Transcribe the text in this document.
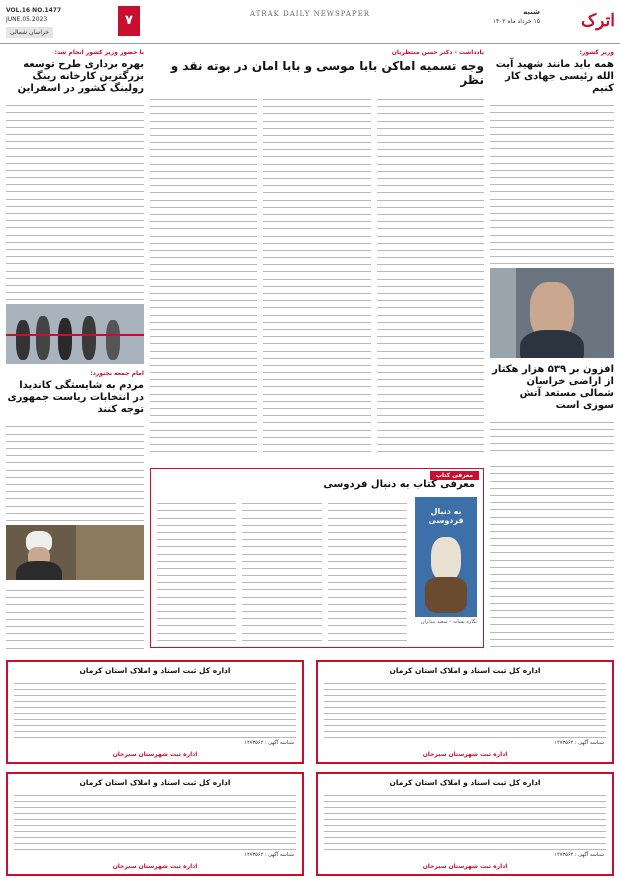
VOL.16 NO.1477
JUNE.05.2023
خراسان شمالی
۷	ATRAK DAILY NEWSPAPER	شنبه
۱۵ خرداد ماه ۱۴۰۲	اترک
وزیر کشور:
همه باید مانند شهید آیت الله رئیسی جهادی کار کنیم
افزون بر ۵۳۹ هزار هکتار از اراضی خراسان شمالی مستعد آتش سوزی است
یادداشت - دکتر حسن منتظریان
وجه تسمیه اماکن بابا موسی و بابا امان در بوته نقد و نظر
معرفی کتاب
معرفی کتاب به دنبال فردوسی
به دنبال فردوسی
نگاره نشانه – سعید بیداران
با حضور وزیر کشور انجام شد:
بهره برداری طرح توسعه بزرگترین کارخانه رینگ رولینگ کشور در اسفراین
امام جمعه بجنورد:
مردم به شایستگی کاندیدا در انتخابات ریاست جمهوری توجه کنند
اداره کل ثبت اسناد و املاک استان کرمان
شناسه آگهی : ۱۴۷۳۵۶۲
اداره ثبت شهرستان سیرجان
اداره کل ثبت اسناد و املاک استان کرمان
شناسه آگهی : ۱۴۷۳۵۶۲
اداره ثبت شهرستان سیرجان
اداره کل ثبت اسناد و املاک استان کرمان
شناسه آگهی : ۱۴۷۳۵۶۲
اداره ثبت شهرستان سیرجان
اداره کل ثبت اسناد و املاک استان کرمان
شناسه آگهی : ۱۴۷۳۵۶۲
اداره ثبت شهرستان سیرجان
